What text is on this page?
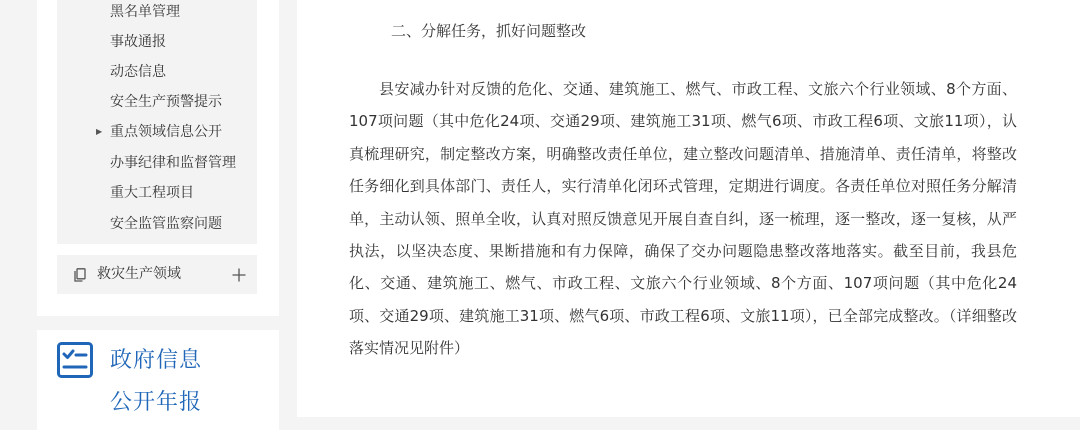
黑名单管理
事故通报
动态信息
安全生产预警提示
▶ 重点领域信息公开
办事纪律和监督管理
重大工程项目
安全监管监察问题
救灾生产领域
政府信息
公开年报
二、分解任务，抓好问题整改

县安减办针对反馈的危化、交通、建筑施工、燃气、市政工程、文旅六个行业领域、8个方面、107项问题（其中危化24项、交通29项、建筑施工31项、燃气6项、市政工程6项、文旅11项），认真梳理研究，制定整改方案，明确整改责任单位，建立整改问题清单、措施清单、责任清单，将整改任务细化到具体部门、责任人，实行清单化闭环式管理，定期进行调度。各责任单位对照任务分解清单，主动认领、照单全收，认真对照反馈意见开展自查自纠，逐一梳理，逐一整改，逐一复核，从严执法，以坚决态度、果断措施和有力保障，确保了交办问题隐患整改落地落实。截至目前，我县危化、交通、建筑施工、燃气、市政工程、文旅六个行业领域、8个方面、107项问题（其中危化24项、交通29项、建筑施工31项、燃气6项、市政工程6项、文旅11项），已全部完成整改。（详细整改落实情况见附件）
